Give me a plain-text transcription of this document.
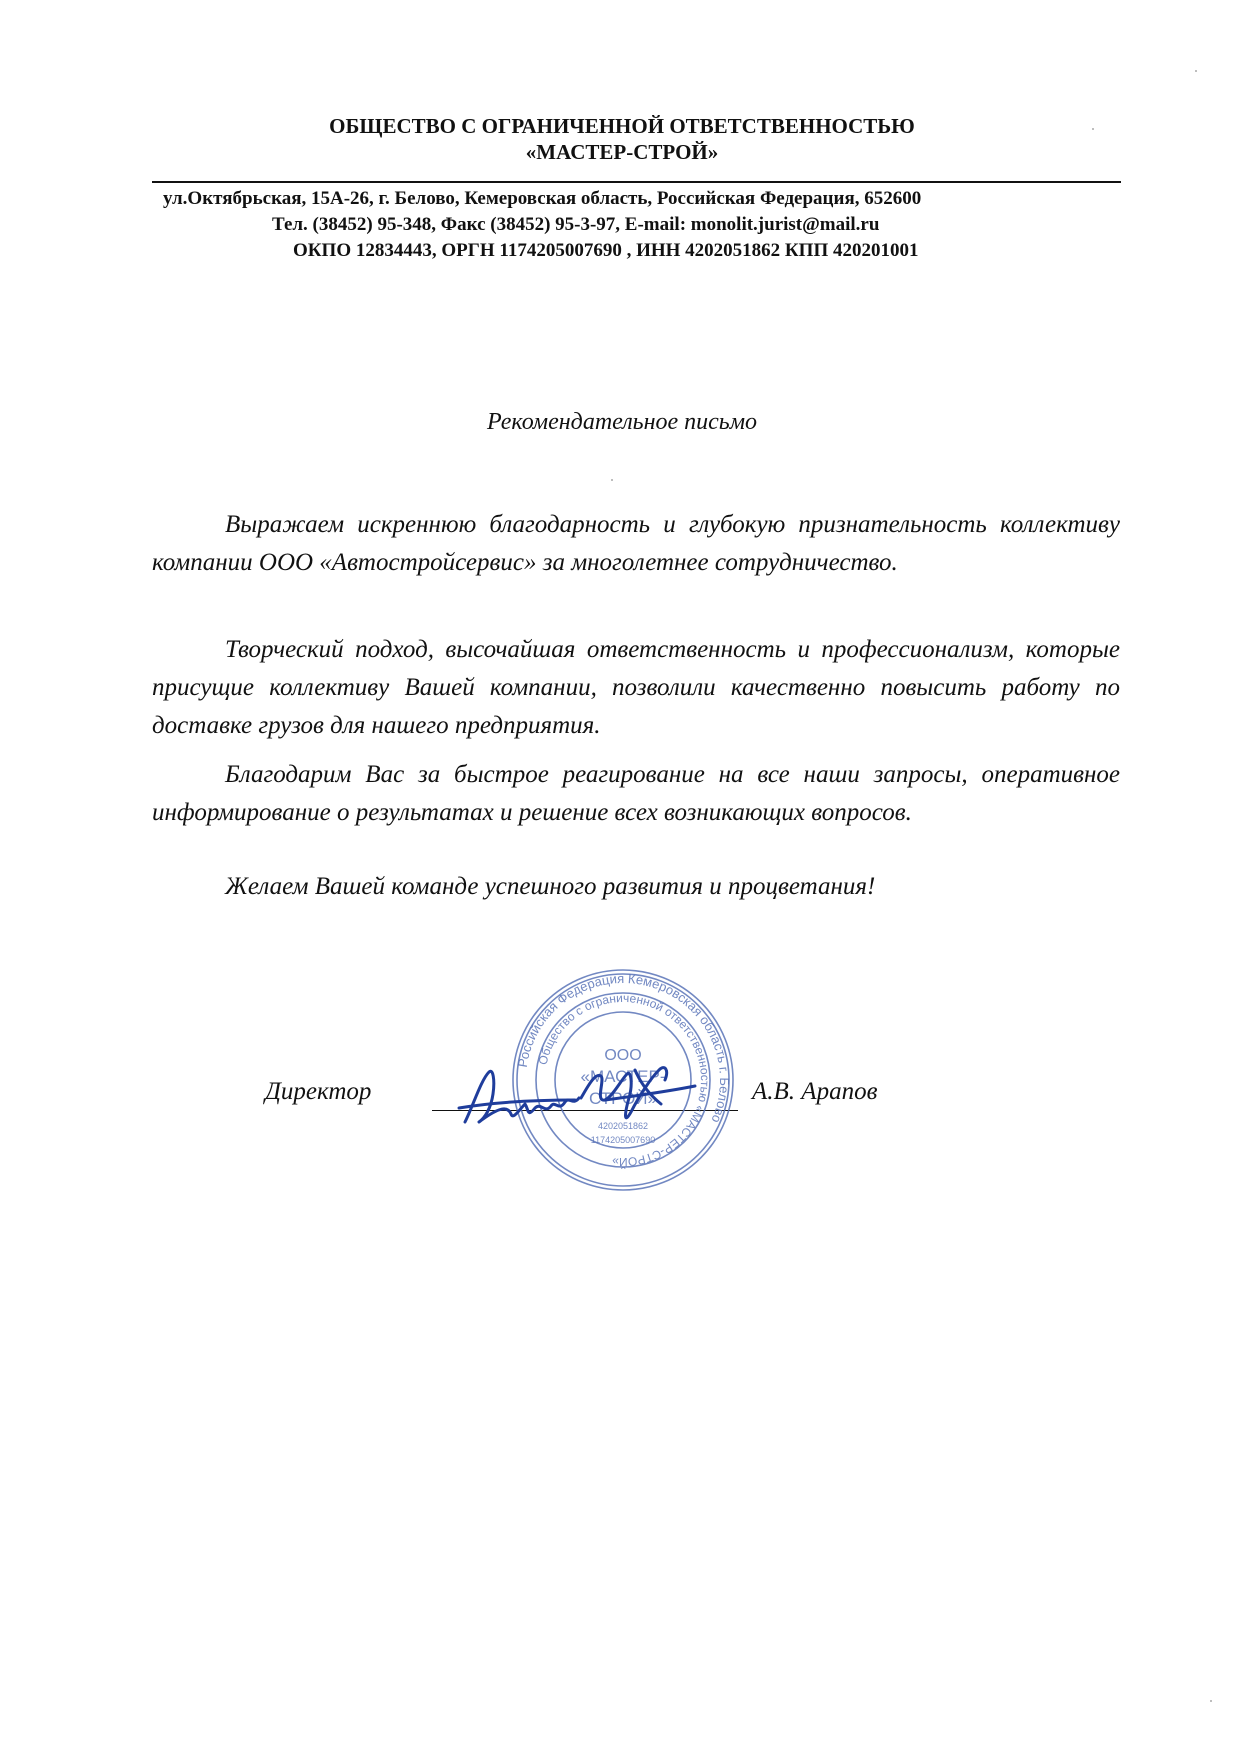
ОБЩЕСТВО С ОГРАНИЧЕННОЙ ОТВЕТСТВЕННОСТЬЮ
«МАСТЕР-СТРОЙ»
ул.Октябрьская, 15А-26, г. Белово, Кемеровская область, Российская Федерация, 652600
Тел. (38452) 95-348, Факс (38452) 95-3-97, E-mail: monolit.jurist@mail.ru
ОКПО 12834443, ОРГН 1174205007690 , ИНН 4202051862 КПП 420201001
Рекомендательное письмо

Выражаем искреннюю благодарность и глубокую признательность коллективу компании ООО «Автостройсервис» за многолетнее сотрудничество.

Творческий подход, высочайшая ответственность и профессионализм, которые присущие коллективу Вашей компании, позволили качественно повысить работу по доставке грузов для нашего предприятия.

Благодарим Вас за быстрое реагирование на все наши запросы, оперативное информирование о результатах и решение всех возникающих вопросов.

Желаем Вашей команде успешного развития и процветания!
Директор	А.В. Арапов
Российская Федерация Кемеровская область г. Белово
Общество с ограниченной ответственностью «МАСТЕР-СТРОЙ»
ООО
«МАСТЕР-
СТРОЙ»
4202051862
1174205007690
